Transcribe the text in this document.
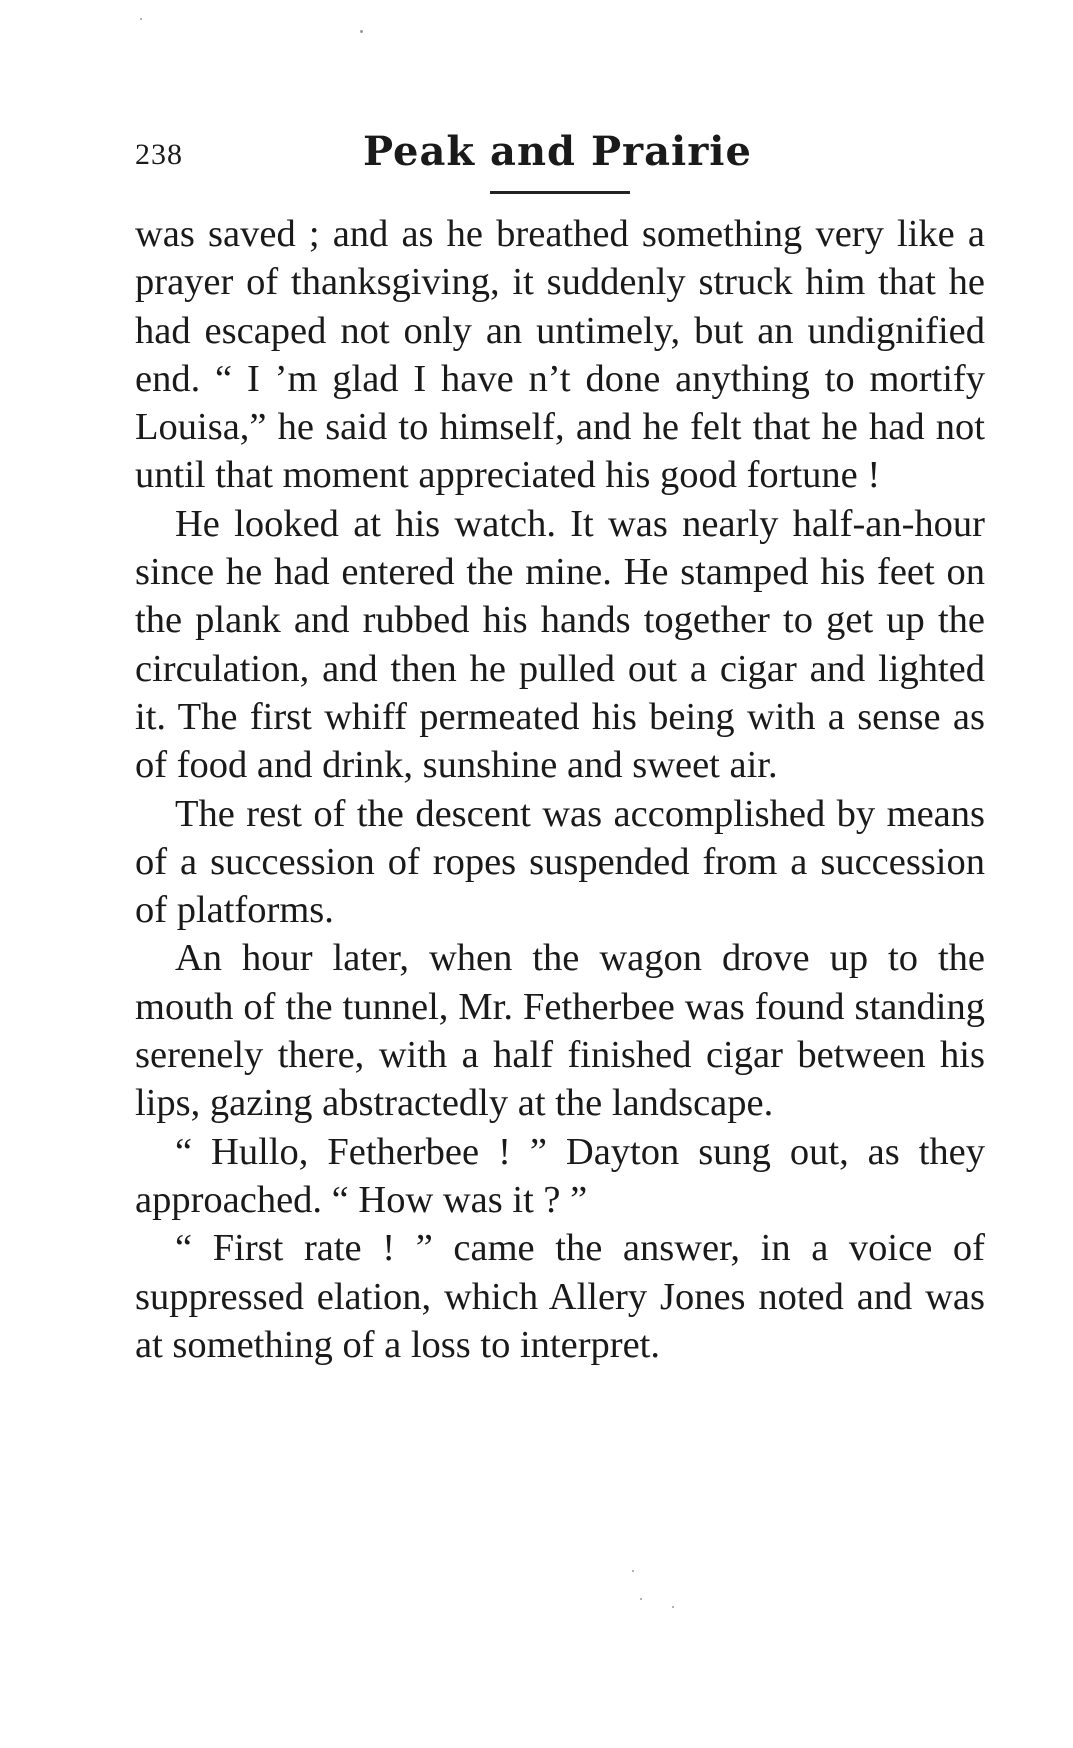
238	Peak and Prairie

was saved ; and as he breathed something very like a prayer of thanksgiving, it suddenly struck him that he had escaped not only an untimely, but an undignified end. “ I ’m glad I have n’t done anything to mortify Louisa,” he said to himself, and he felt that he had not until that moment appreciated his good fortune !

He looked at his watch. It was nearly half-an-hour since he had entered the mine. He stamped his feet on the plank and rubbed his hands together to get up the circulation, and then he pulled out a cigar and lighted it. The first whiff permeated his being with a sense as of food and drink, sunshine and sweet air.

The rest of the descent was accomplished by means of a succession of ropes suspended from a succession of platforms.

An hour later, when the wagon drove up to the mouth of the tunnel, Mr. Fetherbee was found standing serenely there, with a half finished cigar between his lips, gazing abstractedly at the landscape.

“ Hullo, Fetherbee ! ” Dayton sung out, as they approached. “ How was it ? ”

“ First rate ! ” came the answer, in a voice of suppressed elation, which Allery Jones noted and was at something of a loss to interpret.
